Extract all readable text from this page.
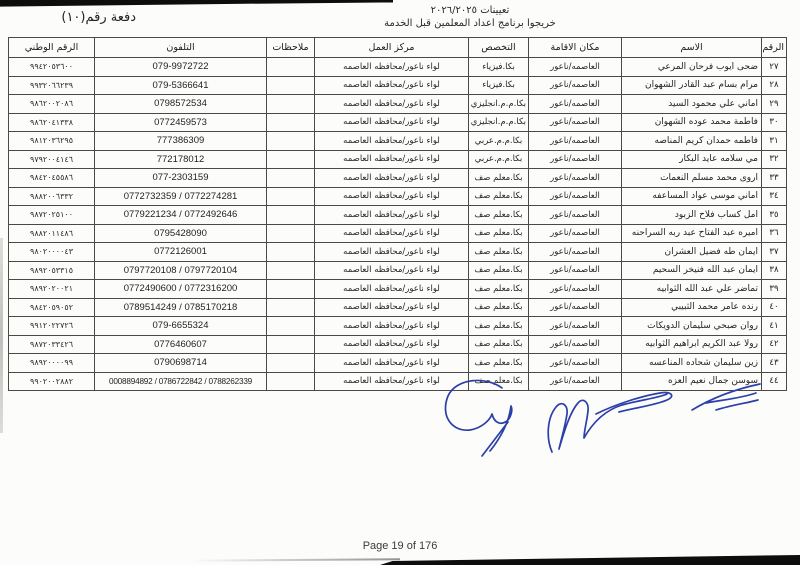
دفعة رقم(١٠)	تعيينات ٢٠٢٦/٢٠٢٥
خريجوا برنامج اعداد المعلمين قبل الخدمة
الرقم	الاسم	مكان الاقامة	التخصص	مركز العمل	ملاحظات	التلفون	الرقم الوطني
٢٧	ضحى ايوب فرحان المرعي	العاصمه/ناعور	بكا.فيزياء	لواء ناعور/محافظه العاصمه		079-9972722	٩٩٤٢٠٥٣٦٠٠
٢٨	مرام بسام عبد القادر الشهوان	العاصمه/ناعور	بكا.فيزياء	لواء ناعور/محافظه العاصمه		079-5366641	٩٩٣٢٠٦٦٢٣٩
٢٩	اماني علي محمود السيد	العاصمه/ناعور	بكا.م.م.انجليزي	لواء ناعور/محافظه العاصمه		0798572534	٩٨٦٢٠٠٢٠٨٦
٣٠	فاطمة محمد عوده الشهوان	العاصمه/ناعور	بكا.م.م.انجليزي	لواء ناعور/محافظه العاصمه		0772459573	٩٨٦٢٠٤١٣٣٨
٣١	فاطمه حمدان كريم المناصه	العاصمه/ناعور	بكا.م.م.عربي	لواء ناعور/محافظه العاصمه		777386309	٩٨١٢٠٣٦٢٩٥
٣٢	مي سلامه عايد البكار	العاصمه/ناعور	بكا.م.م.عربي	لواء ناعور/محافظه العاصمه		772178012	٩٧٩٢٠٠٤١٤٦
٣٣	اروى محمد مسلم النعمات	العاصمه/ناعور	بكا.معلم صف	لواء ناعور/محافظه العاصمه		077-2303159	٩٨٤٢٠٤٥٥٨٦
٣٤	اماني موسى عواد المساعفه	العاصمه/ناعور	بكا.معلم صف	لواء ناعور/محافظه العاصمه		0772732359 / 0772274281	٩٨٨٢٠٠٦٣٣٢
٣٥	امل كساب فلاح الزبود	العاصمه/ناعور	بكا.معلم صف	لواء ناعور/محافظه العاصمه		0779221234 / 0772492646	٩٨٧٢٠٢٥١٠٠
٣٦	اميره عبد الفتاح عبد ربه السراحنه	العاصمه/ناعور	بكا.معلم صف	لواء ناعور/محافظه العاصمه		0795428090	٩٨٨٢٠١١٤٨٦
٣٧	ايمان طه فضيل العشران	العاصمه/ناعور	بكا.معلم صف	لواء ناعور/محافظه العاصمه		0772126001	٩٨٠٢٠٠٠٠٤٣
٣٨	ايمان عبد الله فنيخر السحيم	العاصمه/ناعور	بكا.معلم صف	لواء ناعور/محافظه العاصمه		0797720108 / 0797720104	٩٨٩٢٠٥٣٣١٥
٣٩	تماضر علي عبد الله الثوابيه	العاصمه/ناعور	بكا.معلم صف	لواء ناعور/محافظه العاصمه		0772490600 / 0772316200	٩٨٩٢٠٢٠٠٢١
٤٠	رنده عامر محمد الثبيبي	العاصمه/ناعور	بكا.معلم صف	لواء ناعور/محافظه العاصمه		0789514249 / 0785170218	٩٨٤٢٠٥٩٠٥٢
٤١	روان صبحي سليمان الدويكات	العاصمه/ناعور	بكا.معلم صف	لواء ناعور/محافظه العاصمه		079-6655324	٩٩١٢٠٢٢٧٢٦
٤٢	رولا عبد الكريم ابراهيم الثوابيه	العاصمه/ناعور	بكا.معلم صف	لواء ناعور/محافظه العاصمه		0776460607	٩٨٧٢٠٣٣٤٢٦
٤٣	زين سليمان شحاده المناعسه	العاصمه/ناعور	بكا.معلم صف	لواء ناعور/محافظه العاصمه		0790698714	٩٨٩٢٠٠٠٠٩٩
٤٤	سوسن جمال نعيم العزه	العاصمه/ناعور	بكا.معلم صف	لواء ناعور/محافظه العاصمه		0008894892 / 0786722842 / 0788262339	٩٩٠٢٠٠٢٨٨٢
Page 19 of 176
